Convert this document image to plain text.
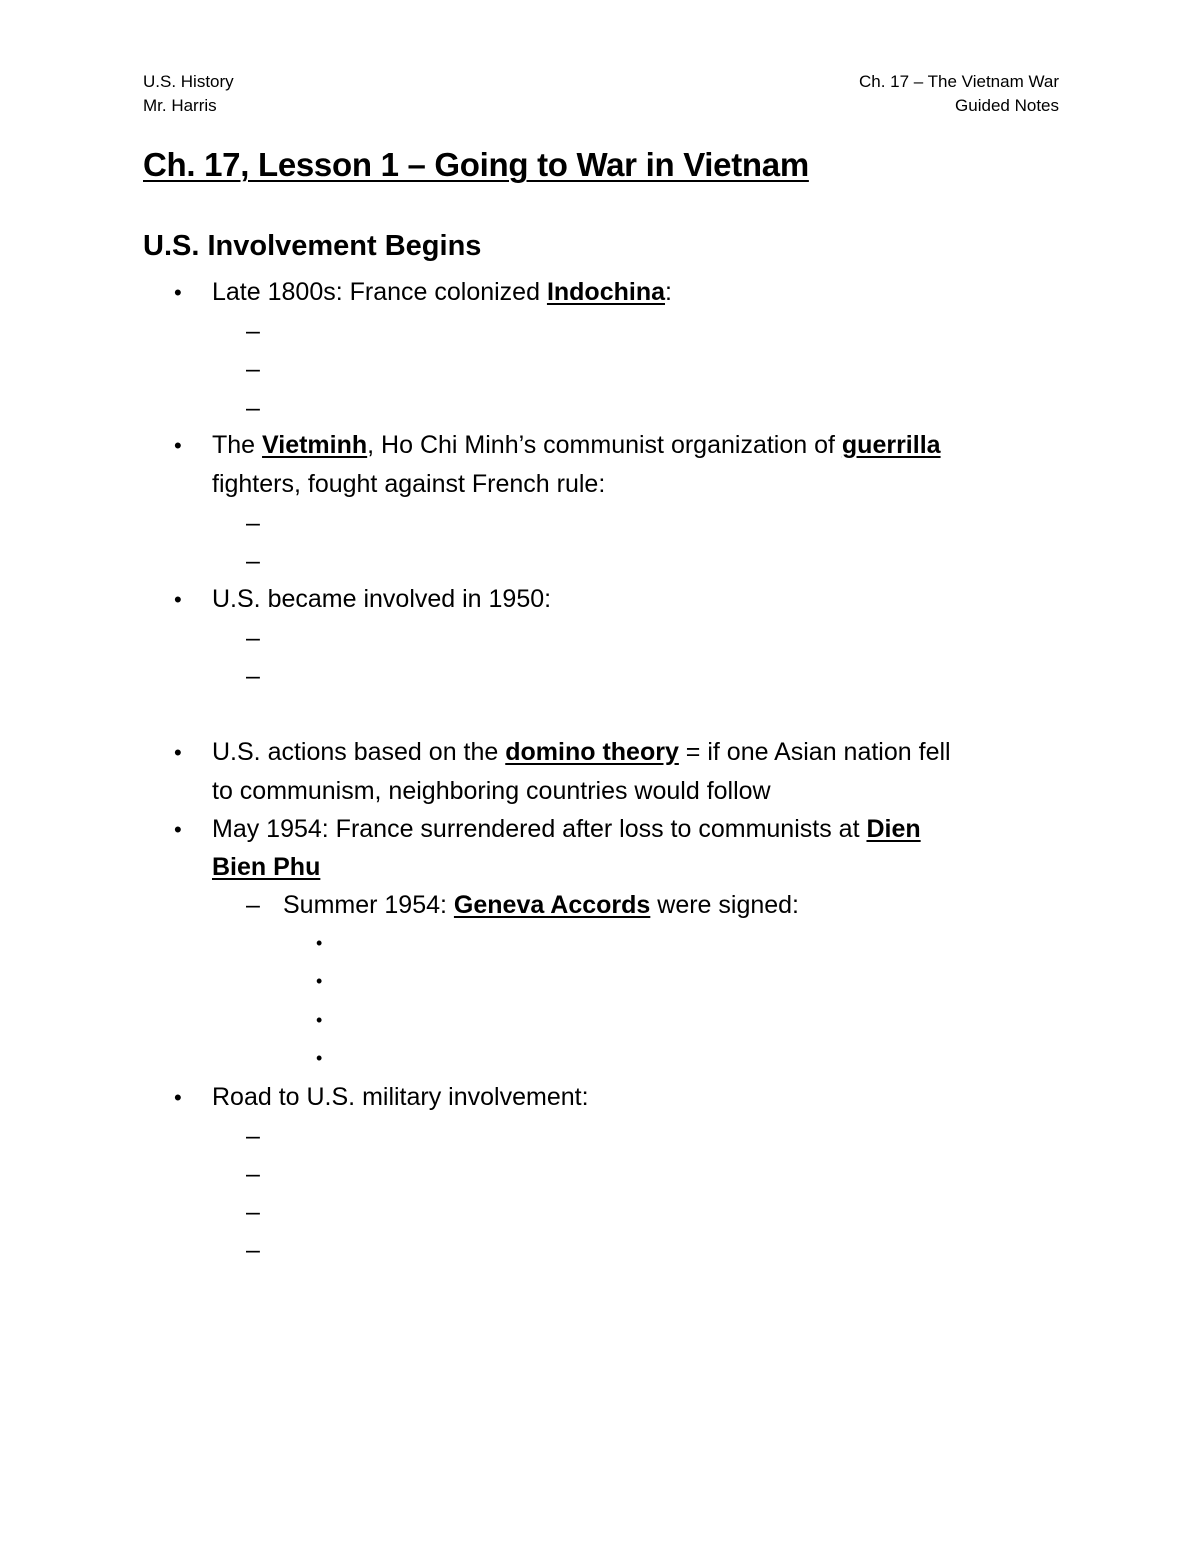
U.S. History
Mr. Harris
Ch. 17 – The Vietnam War
Guided Notes
Ch. 17, Lesson 1 – Going to War in Vietnam
U.S. Involvement Begins
• Late 1800s: France colonized Indochina:
–
–
–
• The Vietminh, Ho Chi Minh’s communist organization of guerrilla
fighters, fought against French rule:
–
–
• U.S. became involved in 1950:
–
–
• U.S. actions based on the domino theory = if one Asian nation fell
to communism, neighboring countries would follow
• May 1954: France surrendered after loss to communists at Dien
Bien Phu
– Summer 1954: Geneva Accords were signed:
•
•
•
•
• Road to U.S. military involvement:
–
–
–
–
